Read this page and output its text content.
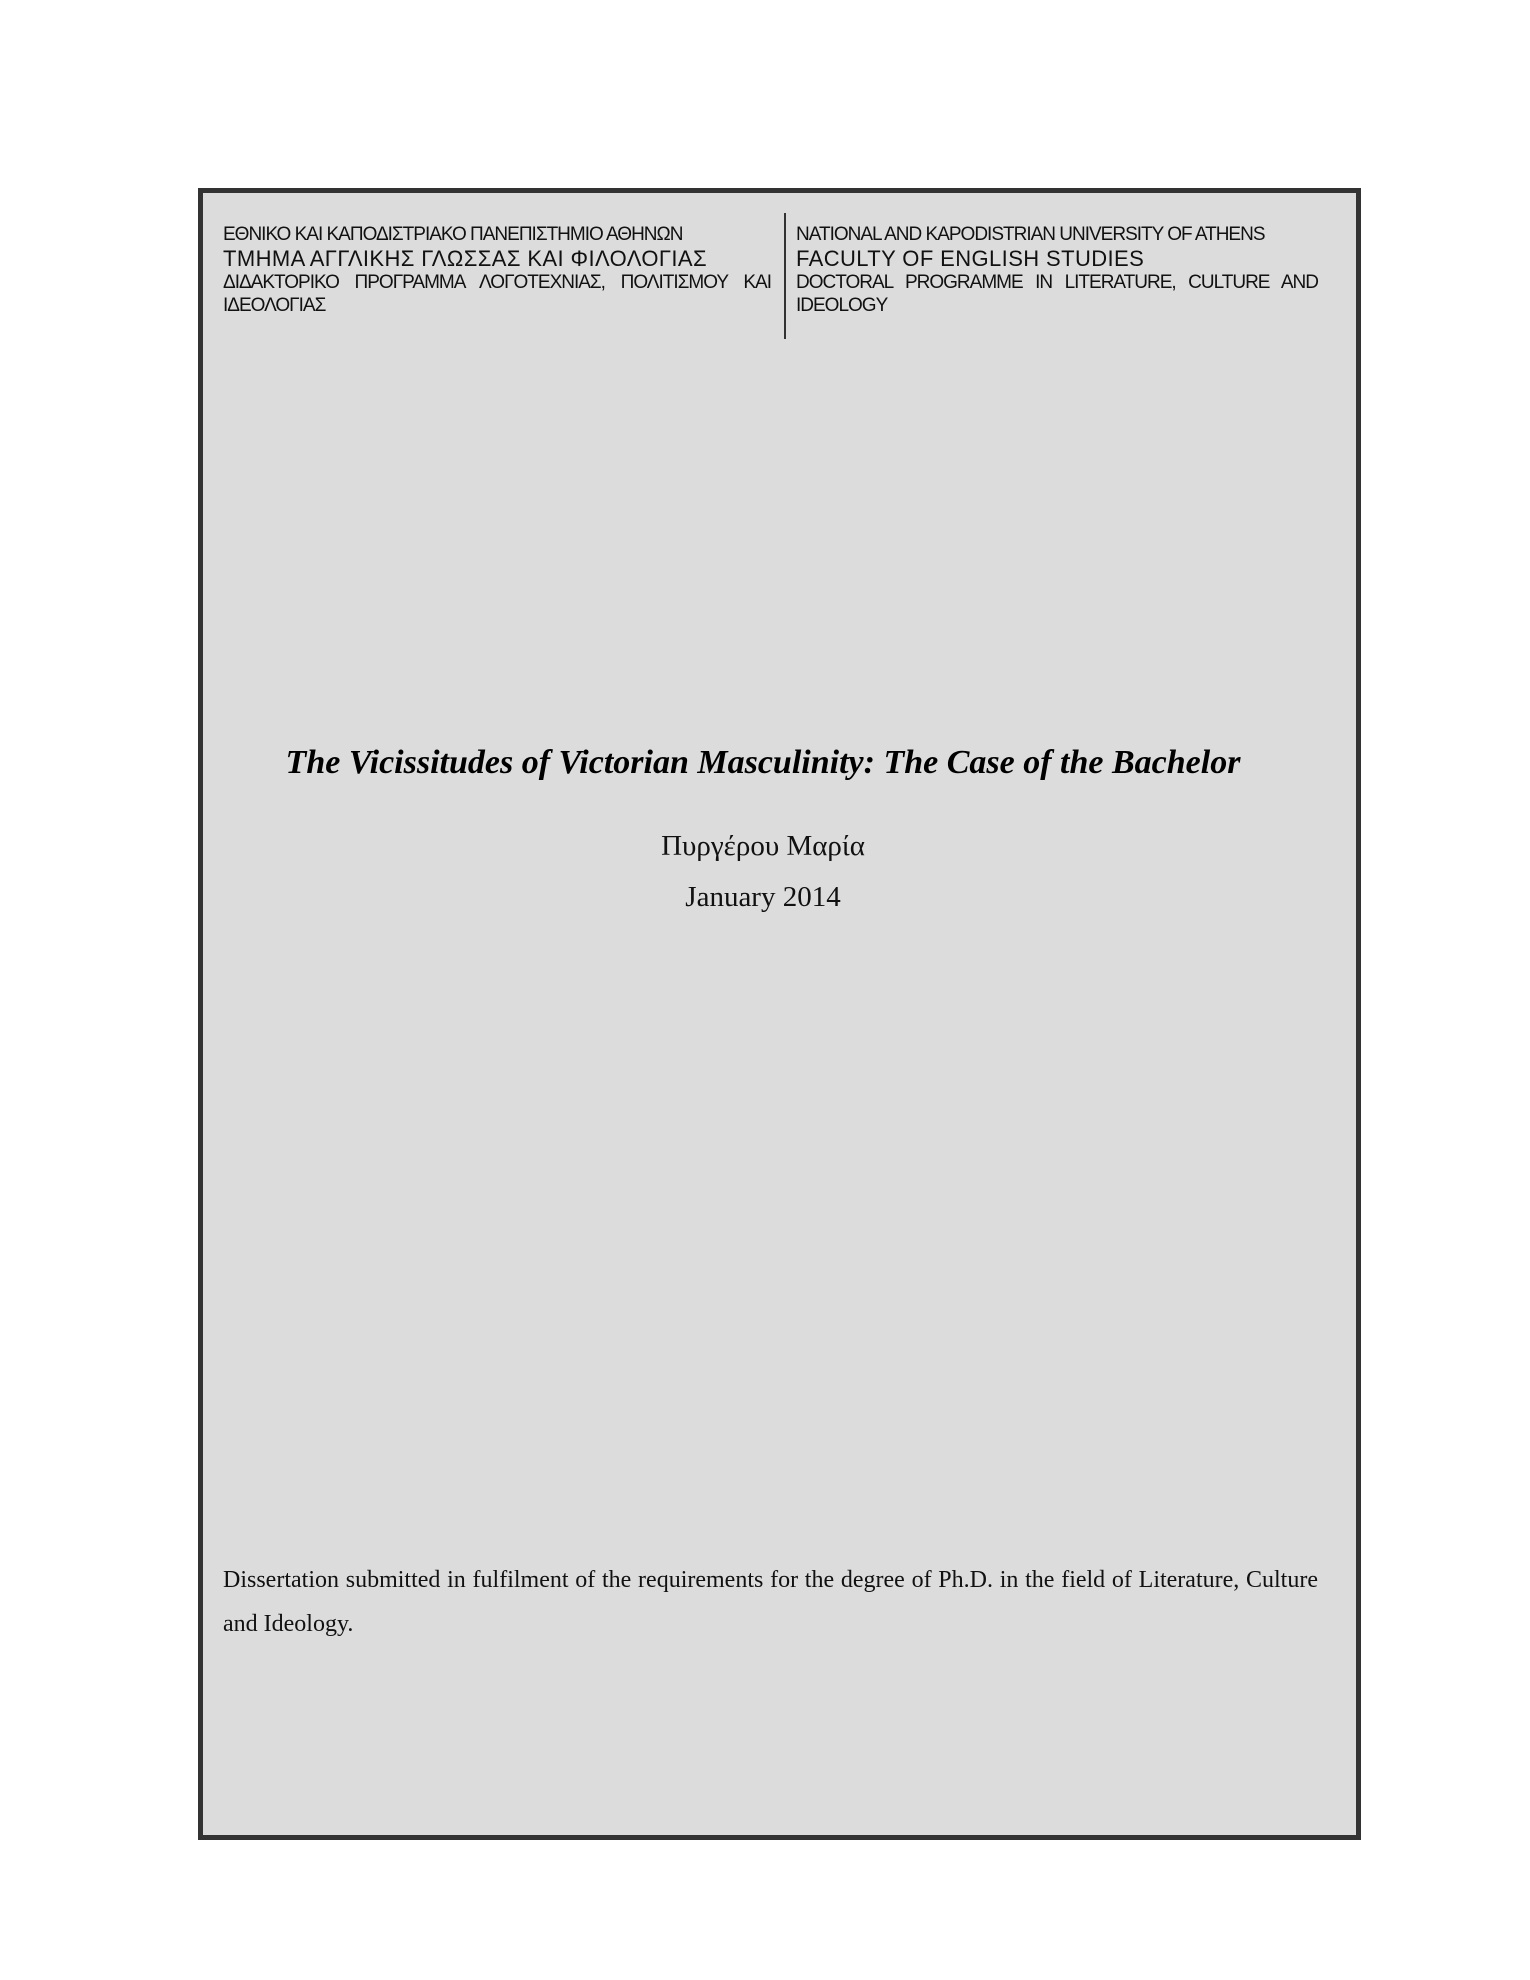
ΕΘΝΙΚΟ ΚΑΙ ΚΑΠΟΔΙΣΤΡΙΑΚΟ ΠΑΝΕΠΙΣΤΗΜΙΟ ΑΘΗΝΩΝ
ΤΜΗΜΑ ΑΓΓΛΙΚΗΣ ΓΛΩΣΣΑΣ ΚΑΙ ΦΙΛΟΛΟΓΙΑΣ
ΔΙΔΑΚΤΟΡΙΚΟ ΠΡΟΓΡΑΜΜΑ ΛΟΓΟΤΕΧΝΙΑΣ, ΠΟΛΙΤΙΣΜΟΥ ΚΑΙ ΙΔΕΟΛΟΓΙΑΣ
NATIONAL AND KAPODISTRIAN UNIVERSITY OF ATHENS
FACULTY OF ENGLISH STUDIES
DOCTORAL PROGRAMME IN LITERATURE, CULTURE AND IDEOLOGY
The Vicissitudes of Victorian Masculinity: The Case of the Bachelor
Πυργέρου Μαρία
January 2014

Dissertation submitted in fulfilment of the requirements for the degree of Ph.D. in the field of Literature, Culture and Ideology.
